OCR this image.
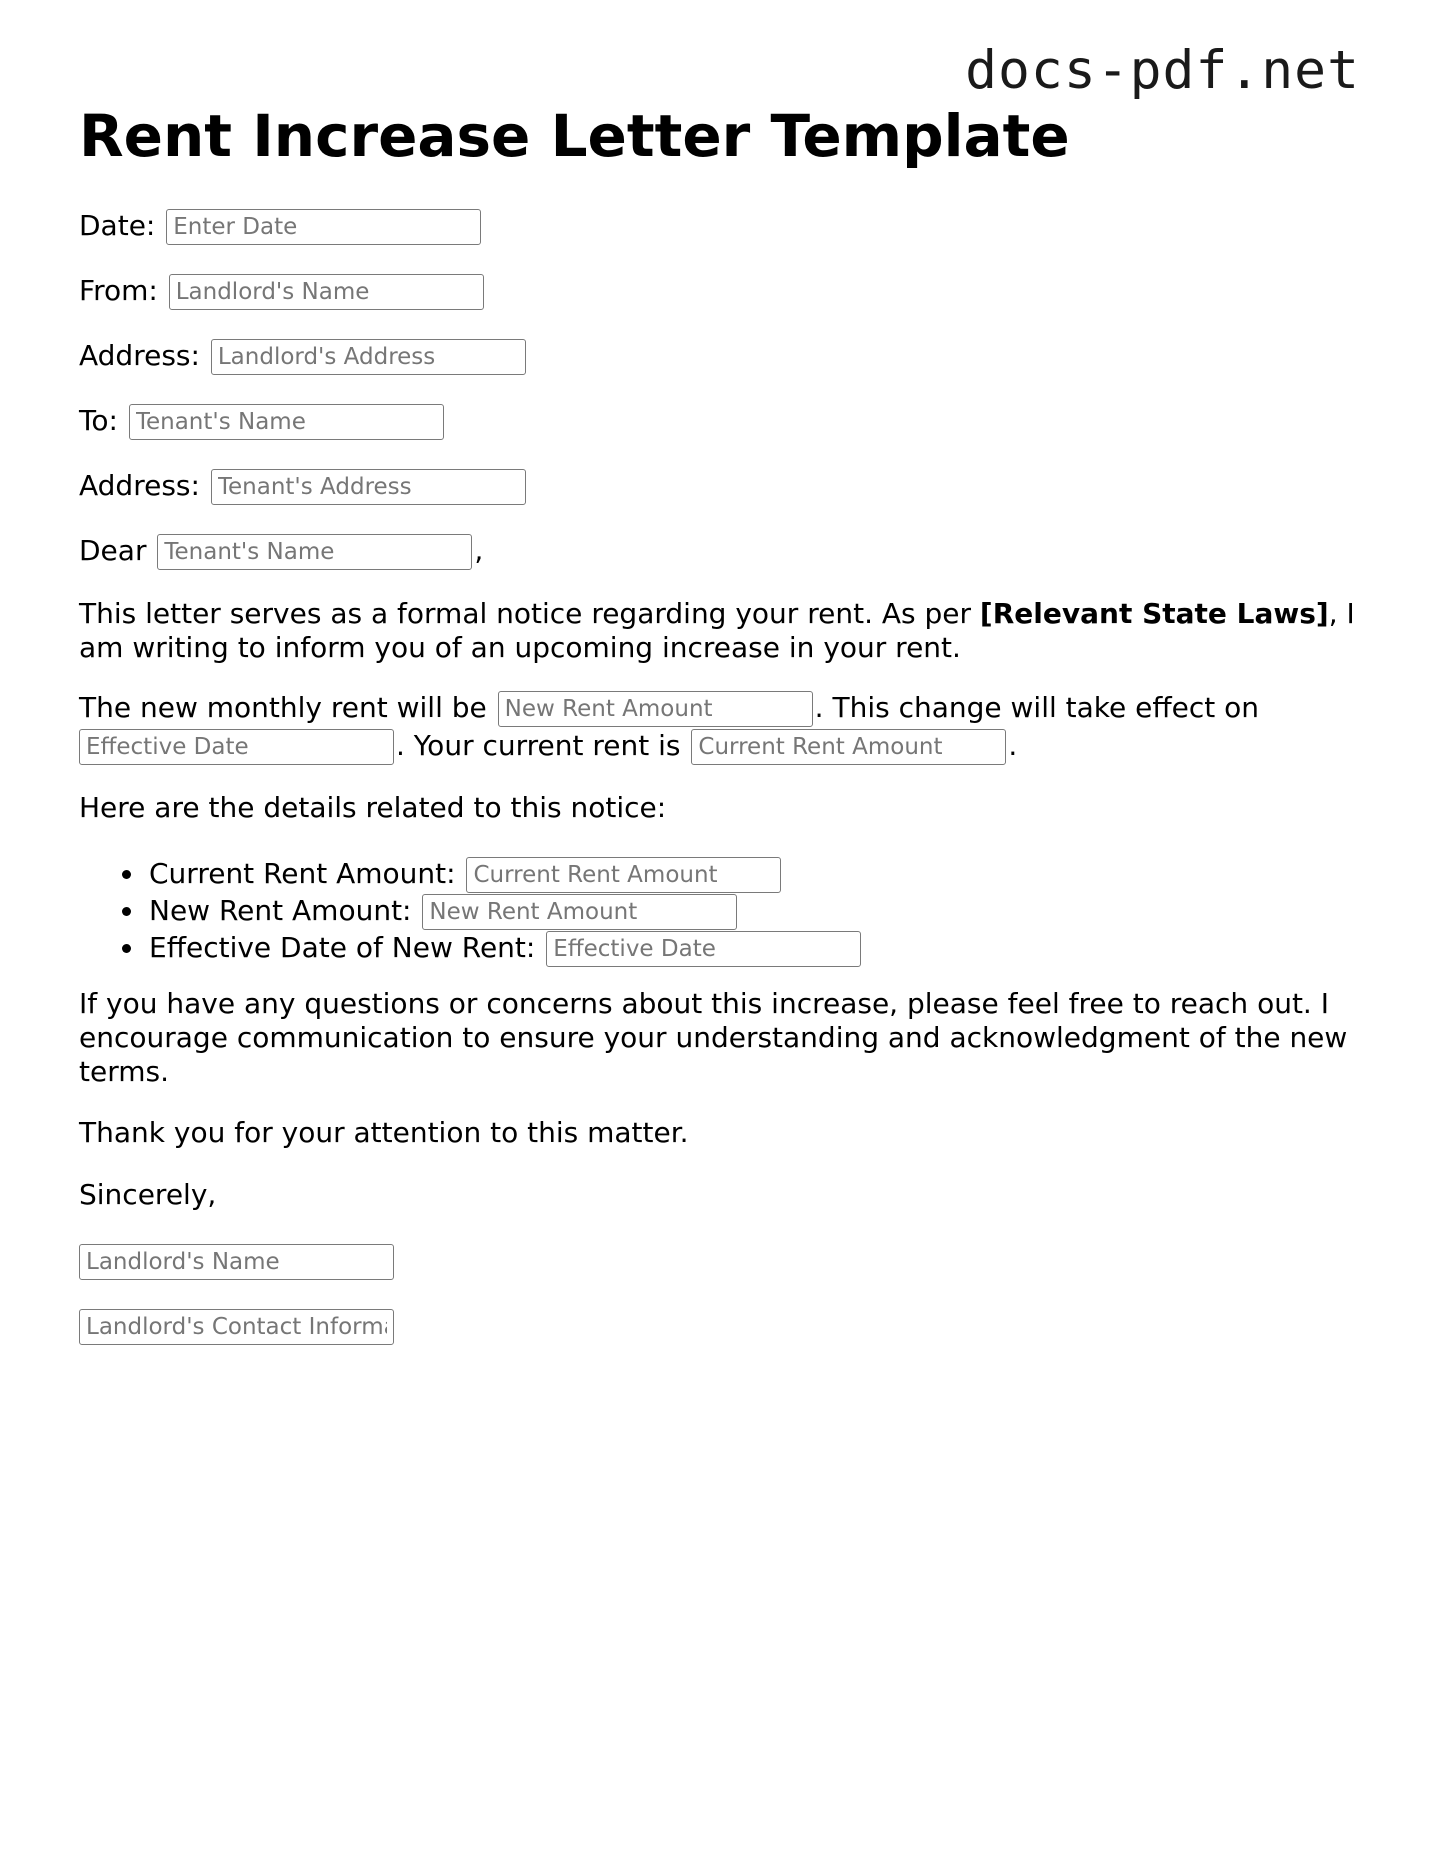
docs-pdf.net
Rent Increase Letter Template
Date: Enter Date
From: Landlord's Name
Address: Landlord's Address
To: Tenant's Name
Address: Tenant's Address
Dear Tenant's Name	,

This letter serves as a formal notice regarding your rent. As per [Relevant State Laws], I am writing to inform you of an upcoming increase in your rent.

The new monthly rent will be New Rent Amount	. This change will take effect on

Effective Date. Your current rent is Current Rent Amount	.

Here are the details related to this notice:
Current Rent Amount: Current Rent Amount
New Rent Amount: New Rent Amount
Effective Date of New Rent: Effective Date
If you have any questions or concerns about this increase, please feel free to reach out. I encourage communication to ensure your understanding and acknowledgment of the new terms.
Thank you for your attention to this matter.
Sincerely,
Landlord's Name
Landlord's Contact Information
